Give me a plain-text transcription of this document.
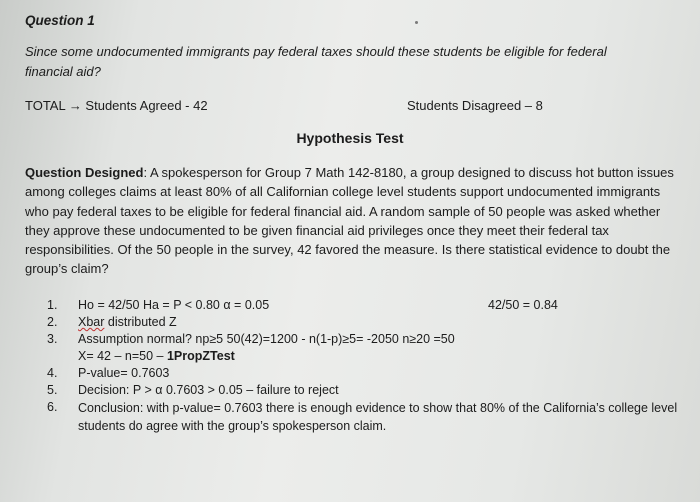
Question 1
Since some undocumented immigrants pay federal taxes should these students be eligible for federal
financial aid?
TOTAL → Students Agreed - 42	Students Disagreed – 8
Hypothesis Test
Question Designed: A spokesperson for Group 7 Math 142-8180, a group designed to discuss hot button issues among colleges claims at least 80% of all Californian college level students support undocumented immigrants who pay federal taxes to be eligible for federal financial aid. A random sample of 50 people was asked whether they approve these undocumented to be given financial aid privileges once they meet their federal tax responsibilities. Of the 50 people in the survey, 42 favored the measure. Is there statistical evidence to doubt the group’s claim?
1.	Ho = 42/50 Ha = P < 0.80 α = 0.05	42/50 = 0.84
2.	Xbar distributed Z
3.	Assumption normal? np≥5 50(42)=1200 - n(1-p)≥5= -2050 n≥20 =50
X= 42 – n=50 – 1PropZTest
4.	P-value= 0.7603
5.	Decision: P > α 0.7603 > 0.05 – failure to reject
6.	Conclusion: with p-value= 0.7603 there is enough evidence to show that 80% of the California’s college level students do agree with the group’s spokesperson claim.
